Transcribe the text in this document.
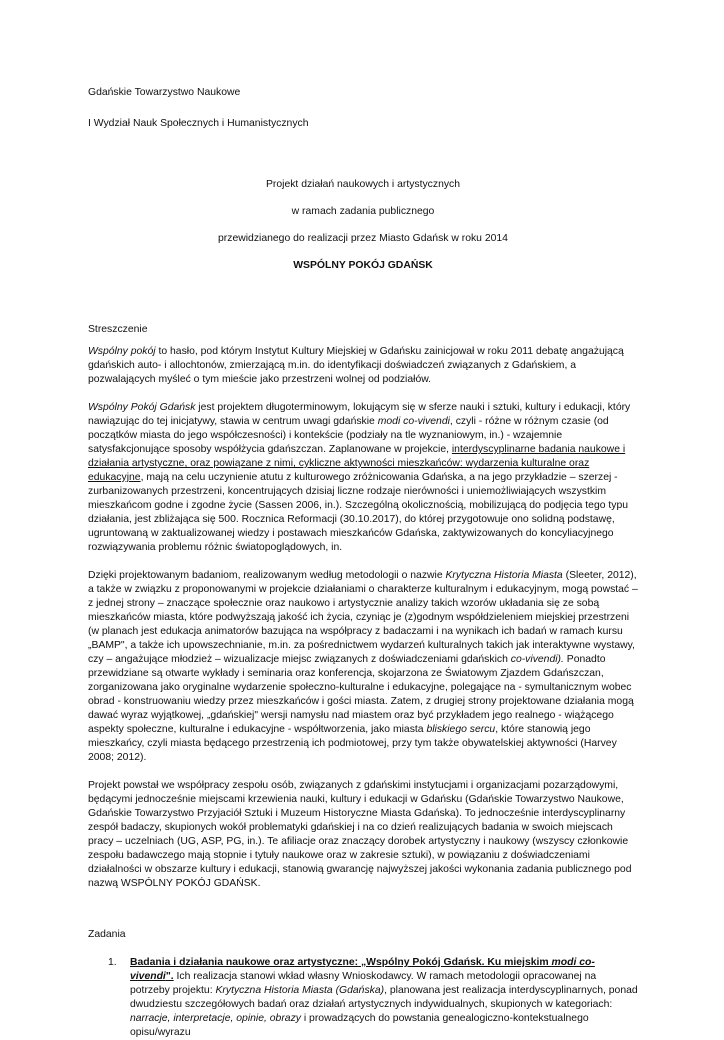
Gdańskie Towarzystwo Naukowe

I Wydział Nauk Społecznych i Humanistycznych

Projekt działań naukowych i artystycznych

w ramach zadania publicznego

przewidzianego do realizacji przez Miasto Gdańsk w roku 2014

WSPÓLNY POKÓJ GDAŃSK

Streszczenie

Wspólny pokój to hasło, pod którym Instytut Kultury Miejskiej w Gdańsku zainicjował w roku 2011 debatę angażującą gdańskich auto- i allochtonów, zmierzającą m.in. do identyfikacji doświadczeń związanych z Gdańskiem, a pozwalających myśleć o tym mieście jako przestrzeni wolnej od podziałów.

Wspólny Pokój Gdańsk jest projektem długoterminowym, lokującym się w sferze nauki i sztuki, kultury i edukacji, który nawiązując do tej inicjatywy, stawia w centrum uwagi gdańskie modi co-vivendi, czyli - różne w różnym czasie (od początków miasta do jego współczesności) i kontekście (podziały na tle wyznaniowym, in.) - wzajemnie satysfakcjonujące sposoby współżycia gdańszczan. Zaplanowane w projekcie, interdyscyplinarne badania naukowe i działania artystyczne, oraz powiązane z nimi, cykliczne aktywności mieszkańców: wydarzenia kulturalne oraz edukacyjne, mają na celu uczynienie atutu z kulturowego zróżnicowania Gdańska, a na jego przykładzie – szerzej - zurbanizowanych przestrzeni, koncentrujących dzisiaj liczne rodzaje nierówności i uniemożliwiających wszystkim mieszkańcom godne i zgodne życie (Sassen 2006, in.). Szczególną okolicznością, mobilizującą do podjęcia tego typu działania, jest zbliżająca się 500. Rocznica Reformacji (30.10.2017), do której przygotowuje ono solidną podstawę, ugruntowaną w zaktualizowanej wiedzy i postawach mieszkańców Gdańska, zaktywizowanych do koncyliacyjnego rozwiązywania problemu różnic światopoglądowych, in.

Dzięki projektowanym badaniom, realizowanym według metodologii o nazwie Krytyczna Historia Miasta (Sleeter, 2012), a także w związku z proponowanymi w projekcie działaniami o charakterze kulturalnym i edukacyjnym, mogą powstać – z jednej strony – znaczące społecznie oraz naukowo i artystycznie analizy takich wzorów układania się ze sobą mieszkańców miasta, które podwyższają jakość ich życia, czyniąc je (z)godnym współdzieleniem miejskiej przestrzeni (w planach jest edukacja animatorów bazująca na współpracy z badaczami i na wynikach ich badań w ramach kursu „BAMP", a także ich upowszechnianie, m.in. za pośrednictwem wydarzeń kulturalnych takich jak interaktywne wystawy, czy – angażujące młodzież – wizualizacje miejsc związanych z doświadczeniami gdańskich co-vivendi). Ponadto przewidziane są otwarte wykłady i seminaria oraz konferencja, skojarzona ze Światowym Zjazdem Gdańszczan, zorganizowana jako oryginalne wydarzenie społeczno-kulturalne i edukacyjne, polegające na - symultanicznym wobec obrad - konstruowaniu wiedzy przez mieszkańców i gości miasta. Zatem, z drugiej strony projektowane działania mogą dawać wyraz wyjątkowej, „gdańskiej" wersji namysłu nad miastem oraz być przykładem jego realnego - wiążącego aspekty społeczne, kulturalne i edukacyjne - współtworzenia, jako miasta bliskiego sercu, które stanowią jego mieszkańcy, czyli miasta będącego przestrzenią ich podmiotowej, przy tym także obywatelskiej aktywności (Harvey 2008; 2012).

Projekt powstał we współpracy zespołu osób, związanych z gdańskimi instytucjami i organizacjami pozarządowymi, będącymi jednocześnie miejscami krzewienia nauki, kultury i edukacji w Gdańsku (Gdańskie Towarzystwo Naukowe, Gdańskie Towarzystwo Przyjaciół Sztuki i Muzeum Historyczne Miasta Gdańska). To jednocześnie interdyscyplinarny zespół badaczy, skupionych wokół problematyki gdańskiej i na co dzień realizujących badania w swoich miejscach pracy – uczelniach (UG, ASP, PG, in.). Te afiliacje oraz znaczący dorobek artystyczny i naukowy (wszyscy członkowie zespołu badawczego mają stopnie i tytuły naukowe oraz w zakresie sztuki), w powiązaniu z doświadczeniami działalności w obszarze kultury i edukacji, stanowią gwarancję najwyższej jakości wykonania zadania publicznego pod nazwą WSPÓLNY POKÓJ GDAŃSK.

Zadania
1. Badania i działania naukowe oraz artystyczne: „Wspólny Pokój Gdańsk. Ku miejskim modi co-vivendi". Ich realizacja stanowi wkład własny Wnioskodawcy. W ramach metodologii opracowanej na potrzeby projektu: Krytyczna Historia Miasta (Gdańska), planowana jest realizacja interdyscyplinarnych, ponad dwudziestu szczegółowych badań oraz działań artystycznych indywidualnych, skupionych w kategoriach: narracje, interpretacje, opinie, obrazy i prowadzących do powstania genealogiczno-kontekstualnego opisu/wyrazu
